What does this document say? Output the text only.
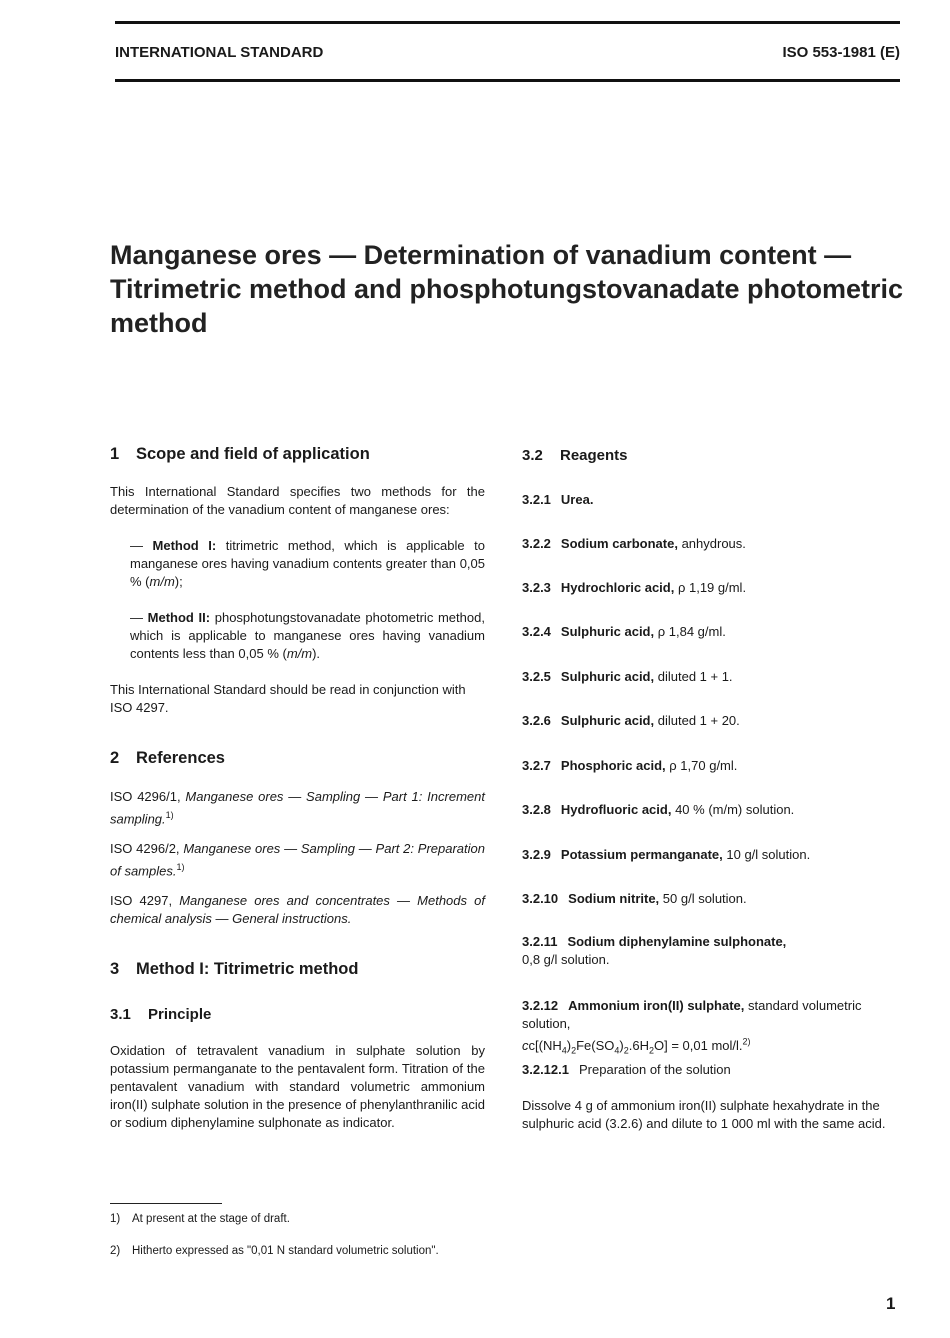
INTERNATIONAL STANDARD	ISO 553-1981 (E)
Manganese ores — Determination of vanadium content — Titrimetric method and phosphotungstovanadate photometric method
1 Scope and field of application
This International Standard specifies two methods for the determination of the vanadium content of manganese ores:
— Method I: titrimetric method, which is applicable to manganese ores having vanadium contents greater than 0,05 % (m/m);
— Method II: phosphotungstovanadate photometric method, which is applicable to manganese ores having vanadium contents less than 0,05 % (m/m).
This International Standard should be read in conjunction with ISO 4297.
2 References
ISO 4296/1, Manganese ores — Sampling — Part 1: Increment sampling.$^{1)}$
ISO 4296/2, Manganese ores — Sampling — Part 2: Preparation of samples.$^{1)}$
ISO 4297, Manganese ores and concentrates — Methods of chemical analysis — General instructions.
3 Method I: Titrimetric method
3.1 Principle
Oxidation of tetravalent vanadium in sulphate solution by potassium permanganate to the pentavalent form. Titration of the pentavalent vanadium with standard volumetric ammonium iron(II) sulphate solution in the presence of phenylanthranilic acid or sodium diphenylamine sulphonate as indicator.
3.2 Reagents
3.2.1 Urea.
3.2.2 Sodium carbonate, anhydrous.
3.2.3 Hydrochloric acid, ρ 1,19 g/ml.
3.2.4 Sulphuric acid, ρ 1,84 g/ml.
3.2.5 Sulphuric acid, diluted 1 + 1.
3.2.6 Sulphuric acid, diluted 1 + 20.
3.2.7 Phosphoric acid, ρ 1,70 g/ml.
3.2.8 Hydrofluoric acid, 40 % (m/m) solution.
3.2.9 Potassium permanganate, 10 g/l solution.
3.2.10 Sodium nitrite, 50 g/l solution.
3.2.11 Sodium diphenylamine sulphonate,
0,8 g/l solution.
3.2.12 Ammonium iron(II) sulphate, standard volumetric solution,
$cc[(NH_4)_2Fe(SO_4)_2.6H_2O] = 0,01$ mol/l.$^{2)}$
3.2.12.1 Preparation of the solution
Dissolve 4 g of ammonium iron(II) sulphate hexahydrate in the sulphuric acid (3.2.6) and dilute to 1 000 ml with the same acid.
1) At present at the stage of draft.
2) Hitherto expressed as "0,01 N standard volumetric solution".
1
